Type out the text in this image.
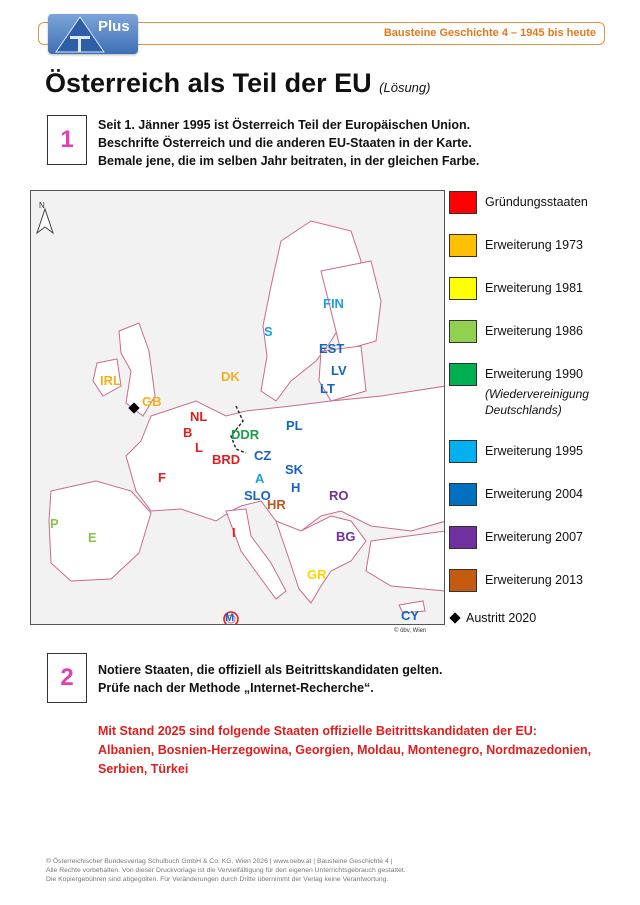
Bausteine Geschichte 4 – 1945 bis heute
Plus
Österreich als Teil der EU (Lösung)
1
Seit 1. Jänner 1995 ist Österreich Teil der Europäischen Union.
Beschrifte Österreich und die anderen EU-Staaten in der Karte.
Bemale jene, die im selben Jahr beitraten, in der gleichen Farbe.
N
FIN
S
EST
LV
LT
IRL	DK
GB
NL
B
L
DDR
BRD
PL
CZ
SK
A
H
SLO
HR
RO
F
P
E	I	BG
GR
M	CY
© öbv, Wien
Gründungsstaaten
Erweiterung 1973
Erweiterung 1981
Erweiterung 1986
Erweiterung 1990
(Wiedervereinigung
Deutschlands)
Erweiterung 1995
Erweiterung 2004
Erweiterung 2007
Erweiterung 2013
Austritt 2020
2	Notiere Staaten, die offiziell als Beitrittskandidaten gelten.
Prüfe nach der Methode „Internet-Recherche“.
Mit Stand 2025 sind folgende Staaten offizielle Beitrittskandidaten der EU:
Albanien, Bosnien-Herzegowina, Georgien, Moldau, Montenegro, Nordmazedonien,
Serbien, Türkei
© Österreichischer Bundesverlag Schulbuch GmbH & Co. KG, Wien 2026 | www.oebv.at | Bausteine Geschichte 4 |
Alle Rechte vorbehalten. Von dieser Druckvorlage ist die Vervielfältigung für den eigenen Unterrichtsgebrauch gestattet.
Die Kopiergebühren sind abgegolten. Für Veränderungen durch Dritte übernimmt der Verlag keine Verantwortung.
